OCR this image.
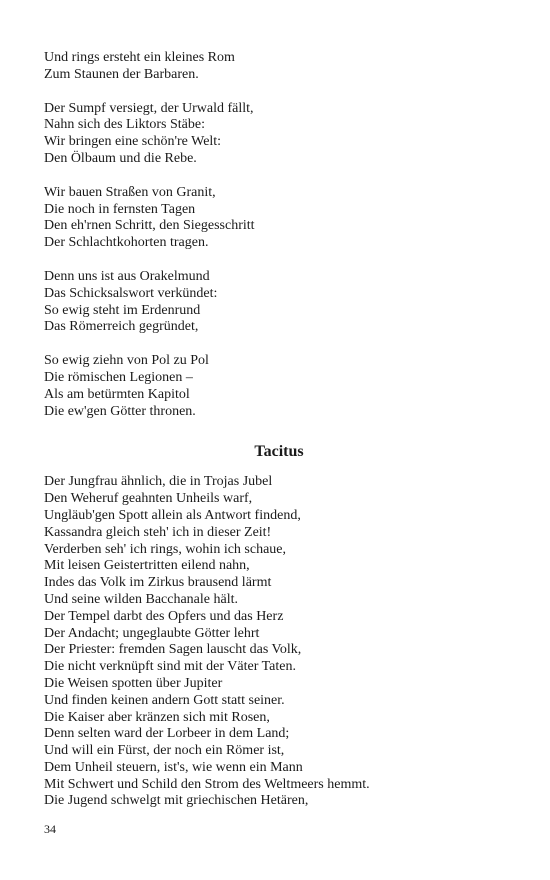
Und rings ersteht ein kleines Rom
Zum Staunen der Barbaren.
Der Sumpf versiegt, der Urwald fällt,
Nahn sich des Liktors Stäbe:
Wir bringen eine schön're Welt:
Den Ölbaum und die Rebe.
Wir bauen Straßen von Granit,
Die noch in fernsten Tagen
Den eh'rnen Schritt, den Siegesschritt
Der Schlachtkohorten tragen.
Denn uns ist aus Orakelmund
Das Schicksalswort verkündet:
So ewig steht im Erdenrund
Das Römerreich gegründet,
So ewig ziehn von Pol zu Pol
Die römischen Legionen –
Als am betürmten Kapitol
Die ew'gen Götter thronen.
Tacitus
Der Jungfrau ähnlich, die in Trojas Jubel
Den Weheruf geahnten Unheils warf,
Ungläub'gen Spott allein als Antwort findend,
Kassandra gleich steh' ich in dieser Zeit!
Verderben seh' ich rings, wohin ich schaue,
Mit leisen Geistertritten eilend nahn,
Indes das Volk im Zirkus brausend lärmt
Und seine wilden Bacchanale hält.
Der Tempel darbt des Opfers und das Herz
Der Andacht; ungeglaubte Götter lehrt
Der Priester: fremden Sagen lauscht das Volk,
Die nicht verknüpft sind mit der Väter Taten.
Die Weisen spotten über Jupiter
Und finden keinen andern Gott statt seiner.
Die Kaiser aber kränzen sich mit Rosen,
Denn selten ward der Lorbeer in dem Land;
Und will ein Fürst, der noch ein Römer ist,
Dem Unheil steuern, ist's, wie wenn ein Mann
Mit Schwert und Schild den Strom des Weltmeers hemmt.
Die Jugend schwelgt mit griechischen Hetären,
34
